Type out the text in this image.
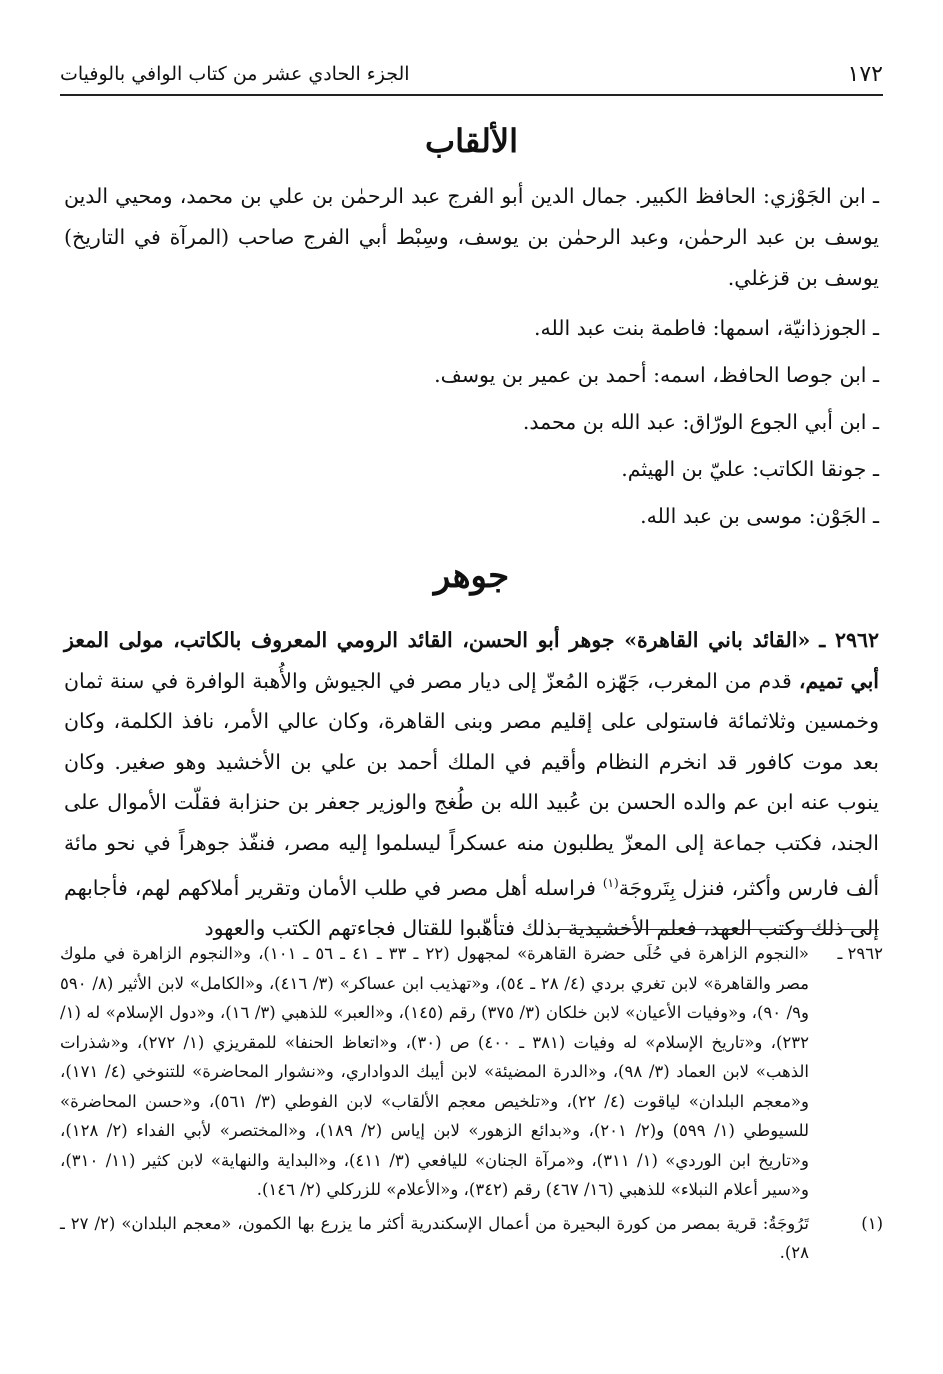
١٧٢
الجزء الحادي عشر من كتاب الوافي بالوفيات
الألقاب

ـ ابن الجَوْزي: الحافظ الكبير. جمال الدين أبو الفرج عبد الرحمٰن بن علي بن محمد، ومحيي الدين يوسف بن عبد الرحمٰن، وعبد الرحمٰن بن يوسف، وسِبْط أبي الفرج صاحب (المرآة في التاريخ) يوسف بن قزغلي.

ـ الجوزذانيّة، اسمها: فاطمة بنت عبد الله.

ـ ابن جوصا الحافظ، اسمه: أحمد بن عمير بن يوسف.

ـ ابن أبي الجوع الورّاق: عبد الله بن محمد.

ـ جونقا الكاتب: عليّ بن الهيثم.

ـ الجَوْن: موسى بن عبد الله.

جوهر

٢٩٦٢ ـ «القائد باني القاهرة» جوهر أبو الحسن، القائد الرومي المعروف بالكاتب، مولى المعز أبي تميم، قدم من المغرب، جَهّزه المُعزّ إلى ديار مصر في الجيوش والأُهبة الوافرة في سنة ثمان وخمسين وثلاثمائة فاستولى على إقليم مصر وبنى القاهرة، وكان عالي الأمر، نافذ الكلمة، وكان بعد موت كافور قد انخرم النظام وأقيم في الملك أحمد بن علي بن الأخشيد وهو صغير. وكان ينوب عنه ابن عم والده الحسن بن عُبيد الله بن طُغج والوزير جعفر بن حنزابة فقلّت الأموال على الجند، فكتب جماعة إلى المعزّ يطلبون منه عسكراً ليسلموا إليه مصر، فنفّذ جوهراً في نحو مائة ألف فارس وأكثر، فنزل بِتَروجَة$^{(١)}$ فراسله أهل مصر في طلب الأمان وتقرير أملاكهم لهم، فأجابهم إلى ذلك وكتب العهد، فعلم الأخشيدية بذلك فتأهّبوا للقتال فجاءتهم الكتب والعهود

٢٩٦٢ ـ
«النجوم الزاهرة في حُلَى حضرة القاهرة» لمجهول (٢٢ ـ ٣٣ ـ ٤١ ـ ٥٦ ـ ١٠١)، و«النجوم الزاهرة في ملوك مصر والقاهرة» لابن تغري بردي (٤/ ٢٨ ـ ٥٤)، و«تهذيب ابن عساكر» (٣/ ٤١٦)، و«الكامل» لابن الأثير (٨/ ٥٩٠ و٩/ ٩٠)، و«وفيات الأعيان» لابن خلكان (٣/ ٣٧٥) رقم (١٤٥)، و«العبر» للذهبي (٣/ ١٦)، و«دول الإسلام» له (١/ ٢٣٢)، و«تاريخ الإسلام» له وفيات (٣٨١ ـ ٤٠٠) ص (٣٠)، و«اتعاظ الحنفا» للمقريزي (١/ ٢٧٢)، و«شذرات الذهب» لابن العماد (٣/ ٩٨)، و«الدرة المضيئة» لابن أيبك الدواداري، و«نشوار المحاضرة» للتنوخي (٤/ ١٧١)، و«معجم البلدان» لياقوت (٤/ ٢٢)، و«تلخيص معجم الألقاب» لابن الفوطي (٣/ ٥٦١)، و«حسن المحاضرة» للسيوطي (١/ ٥٩٩) و(٢/ ٢٠١)، و«بدائع الزهور» لابن إياس (٢/ ١٨٩)، و«المختصر» لأبي الفداء (٢/ ١٢٨)، و«تاريخ ابن الوردي» (١/ ٣١١)، و«مرآة الجنان» لليافعي (٣/ ٤١١)، و«البداية والنهاية» لابن كثير (١١/ ٣١٠)، و«سير أعلام النبلاء» للذهبي (١٦/ ٤٦٧) رقم (٣٤٢)، و«الأعلام» للزركلي (٢/ ١٤٦).
(١)
تَرُوجَةُ: قرية بمصر من كورة البحيرة من أعمال الإسكندرية أكثر ما يزرع بها الكمون، «معجم البلدان» (٢/ ٢٧ ـ ٢٨).
